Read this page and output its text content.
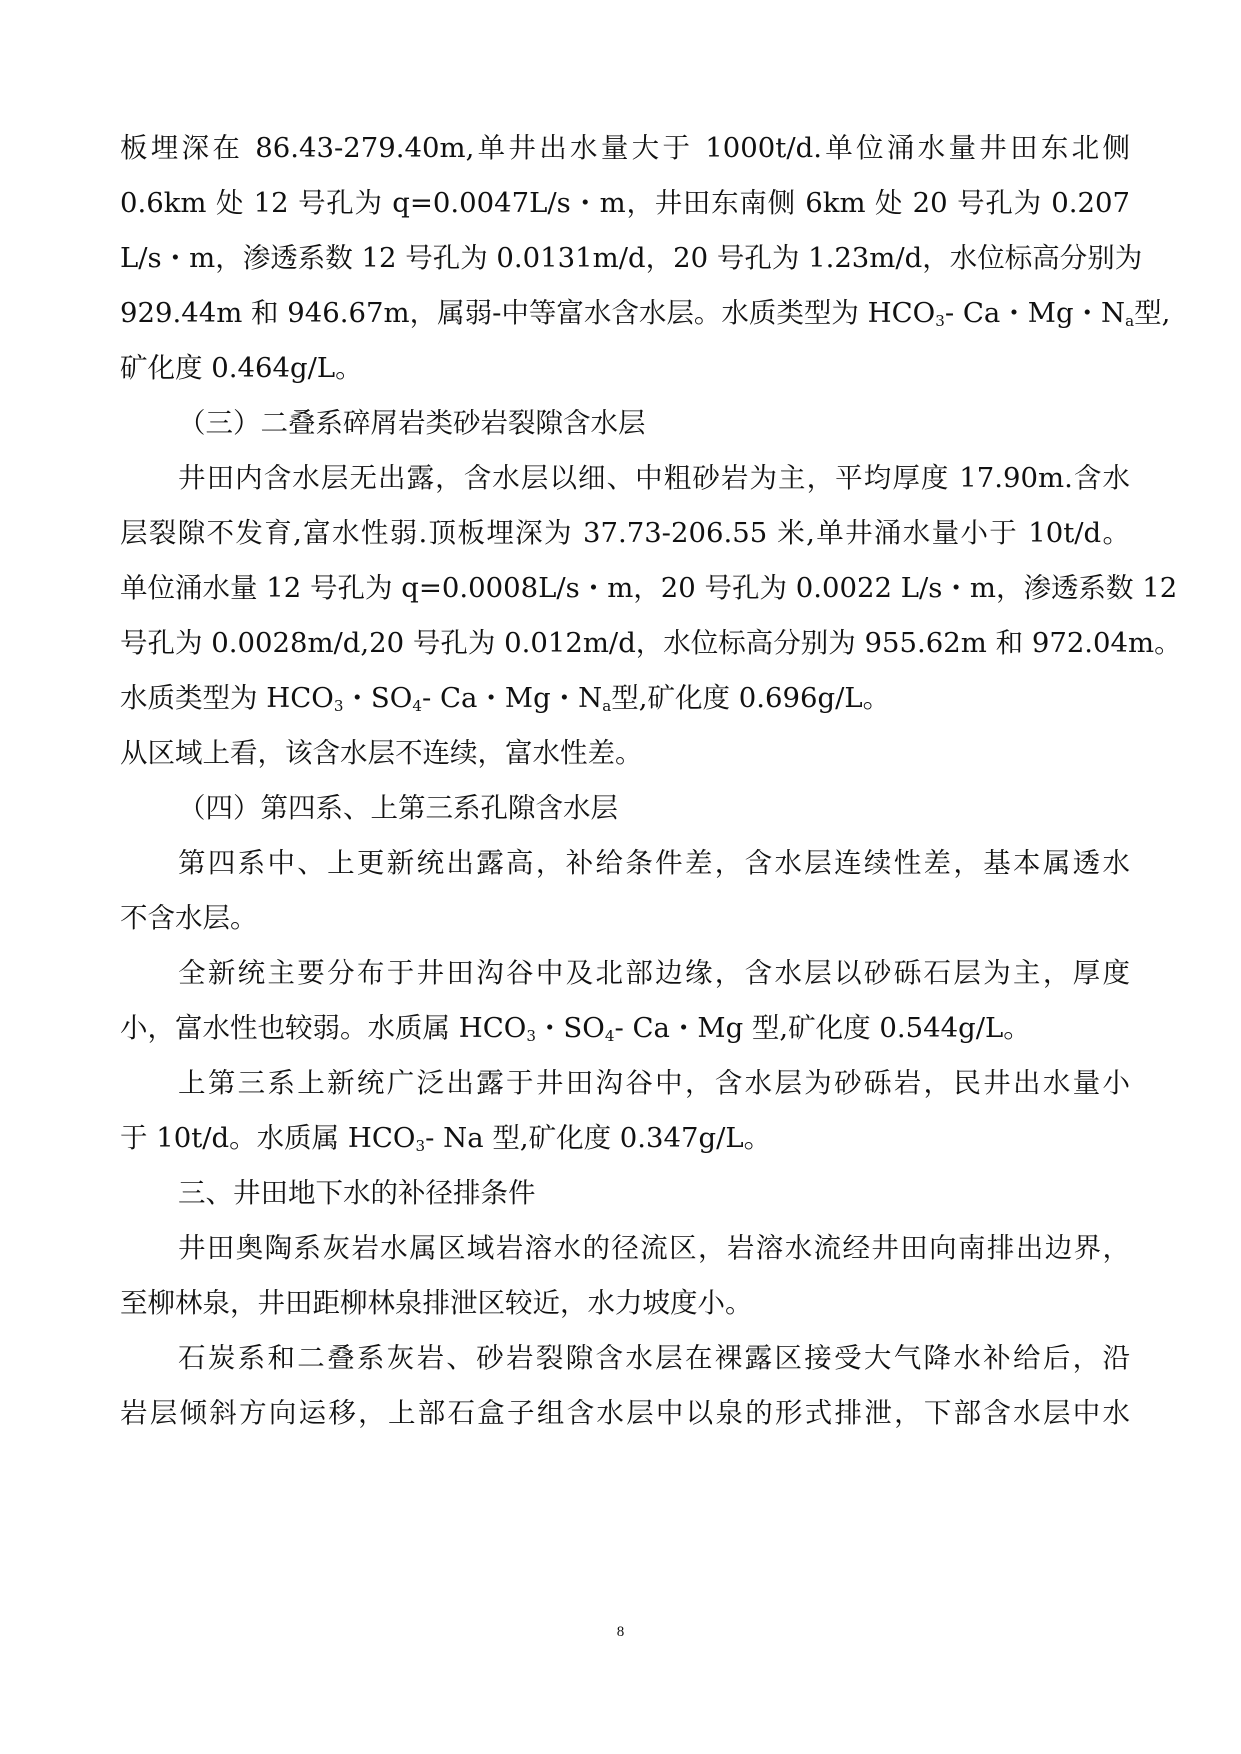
板埋深在 86.43-279.40m,单井出水量大于 1000t/d.单位涌水量井田东北侧
0.6km 处 12 号孔为 q=0.0047L/s・m，井田东南侧 6km 处 20 号孔为 0.207
L/s・m，渗透系数 12 号孔为 0.0131m/d，20 号孔为 1.23m/d，水位标高分别为
929.44m 和 946.67m，属弱-中等富水含水层。水质类型为 $HCO_3-$ Ca・Mg・$N_a$型,
矿化度 0.464g/L。
（三）二叠系碎屑岩类砂岩裂隙含水层
井田内含水层无出露，含水层以细、中粗砂岩为主，平均厚度 17.90m.含水
层裂隙不发育,富水性弱.顶板埋深为 37.73-206.55 米,单井涌水量小于 10t/d。
单位涌水量 12 号孔为 q=0.0008L/s・m，20 号孔为 0.0022 L/s・m，渗透系数 12
号孔为 0.0028m/d,20 号孔为 0.012m/d，水位标高分别为 955.62m 和 972.04m。
水质类型为 $HCO_3$・$SO_4-$ Ca・Mg・$N_a$型,矿化度 0.696g/L。
从区域上看，该含水层不连续，富水性差。
（四）第四系、上第三系孔隙含水层
第四系中、上更新统出露高，补给条件差，含水层连续性差，基本属透水
不含水层。
全新统主要分布于井田沟谷中及北部边缘，含水层以砂砾石层为主，厚度
小，富水性也较弱。水质属 $HCO_3$・$SO_4-$ Ca・Mg 型,矿化度 0.544g/L。
上第三系上新统广泛出露于井田沟谷中，含水层为砂砾岩，民井出水量小
于 10t/d。水质属 $HCO_3-$ Na 型,矿化度 0.347g/L。
三、井田地下水的补径排条件
井田奥陶系灰岩水属区域岩溶水的径流区，岩溶水流经井田向南排出边界，
至柳林泉，井田距柳林泉排泄区较近，水力坡度小。
石炭系和二叠系灰岩、砂岩裂隙含水层在裸露区接受大气降水补给后，沿
岩层倾斜方向运移，上部石盒子组含水层中以泉的形式排泄，下部含水层中水
8
